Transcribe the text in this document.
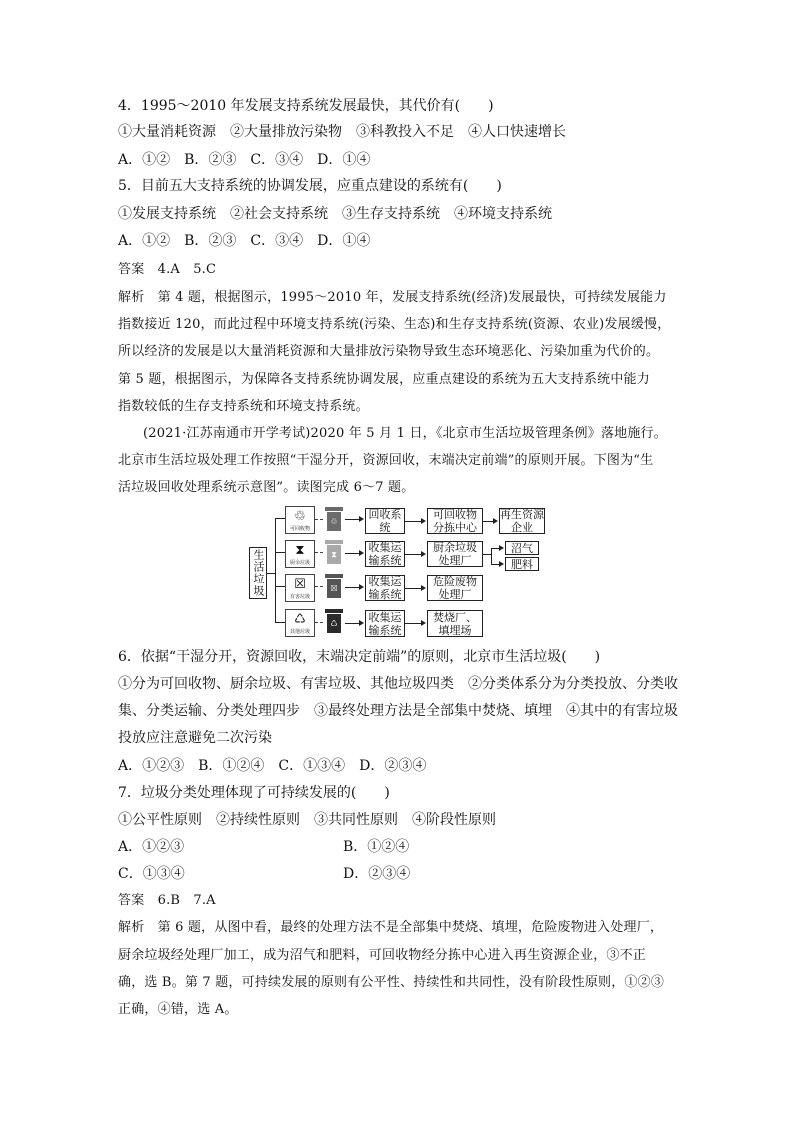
4．1995～2010 年发展支持系统发展最快，其代价有(　　)
①大量消耗资源　②大量排放污染物　③科教投入不足　④人口快速增长
A．①②　B．②③　C．③④　D．①④
5．目前五大支持系统的协调发展，应重点建设的系统有(　　)
①发展支持系统　②社会支持系统　③生存支持系统　④环境支持系统
A．①②　B．②③　C．③④　D．①④
答案　4.A　5.C
解析　第 4 题，根据图示，1995～2010 年，发展支持系统(经济)发展最快，可持续发展能力
指数接近 120，而此过程中环境支持系统(污染、生态)和生存支持系统(资源、农业)发展缓慢，
所以经济的发展是以大量消耗资源和大量排放污染物导致生态环境恶化、污染加重为代价的。
第 5 题，根据图示，为保障各支持系统协调发展，应重点建设的系统为五大支持系统中能力
指数较低的生存支持系统和环境支持系统。
(2021·江苏南通市开学考试)2020 年 5 月 1 日，《北京市生活垃圾管理条例》落地施行。
北京市生活垃圾处理工作按照“干湿分开，资源回收，末端决定前端”的原则开展。下图为“生
活垃圾回收处理系统示意图”。读图完成 6～7 题。
生活垃圾
♲
可回收物
♲
回收系统
可回收物分拣中心
再生资源企业
⧗
厨余垃圾
⧗	收集运输系统
厨余垃圾处理厂
沼气
肥料
☒
有害垃圾
☒
收集运输系统
危险废物处理厂
♺
其他垃圾
♺	收集运输系统
焚烧厂、填埋场
6．依据“干湿分开，资源回收，末端决定前端”的原则，北京市生活垃圾(　　)
①分为可回收物、厨余垃圾、有害垃圾、其他垃圾四类　②分类体系分为分类投放、分类收
集、分类运输、分类处理四步　③最终处理方法是全部集中焚烧、填埋　④其中的有害垃圾
投放应注意避免二次污染
A．①②③　B．①②④　C．①③④　D．②③④
7．垃圾分类处理体现了可持续发展的(　　)
①公平性原则　②持续性原则　③共同性原则　④阶段性原则
A．①②③	B．①②④
C．①③④	D．②③④
答案　6.B　7.A
解析　第 6 题，从图中看，最终的处理方法不是全部集中焚烧、填埋，危险废物进入处理厂，
厨余垃圾经处理厂加工，成为沼气和肥料，可回收物经分拣中心进入再生资源企业，③不正
确，选 B。第 7 题，可持续发展的原则有公平性、持续性和共同性，没有阶段性原则，①②③
正确，④错，选 A。
